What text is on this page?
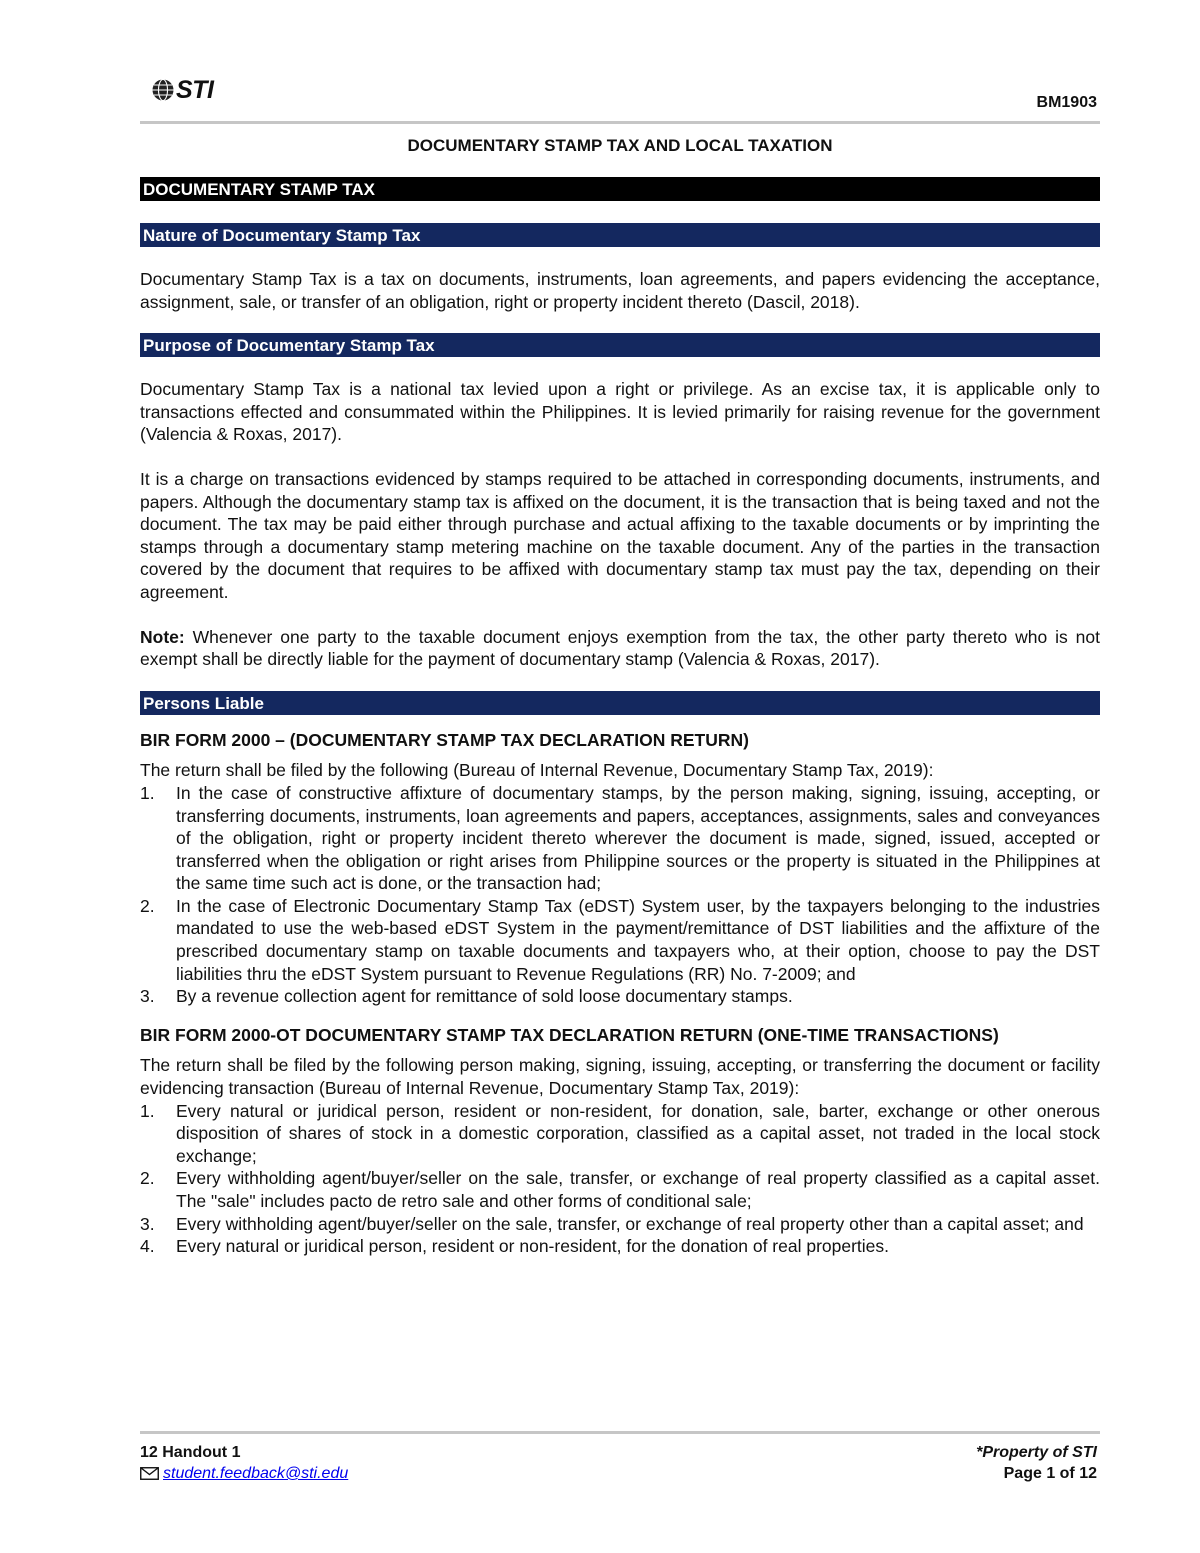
STI	BM1903
DOCUMENTARY STAMP TAX AND LOCAL TAXATION
DOCUMENTARY STAMP TAX
Nature of Documentary Stamp Tax

Documentary Stamp Tax is a tax on documents, instruments, loan agreements, and papers evidencing the acceptance, assignment, sale, or transfer of an obligation, right or property incident thereto (Dascil, 2018).

Purpose of Documentary Stamp Tax

Documentary Stamp Tax is a national tax levied upon a right or privilege. As an excise tax, it is applicable only to transactions effected and consummated within the Philippines. It is levied primarily for raising revenue for the government (Valencia & Roxas, 2017).

It is a charge on transactions evidenced by stamps required to be attached in corresponding documents, instruments, and papers. Although the documentary stamp tax is affixed on the document, it is the transaction that is being taxed and not the document. The tax may be paid either through purchase and actual affixing to the taxable documents or by imprinting the stamps through a documentary stamp metering machine on the taxable document. Any of the parties in the transaction covered by the document that requires to be affixed with documentary stamp tax must pay the tax, depending on their agreement.

Note: Whenever one party to the taxable document enjoys exemption from the tax, the other party thereto who is not exempt shall be directly liable for the payment of documentary stamp (Valencia & Roxas, 2017).

Persons Liable
BIR FORM 2000 – (DOCUMENTARY STAMP TAX DECLARATION RETURN)

The return shall be filed by the following (Bureau of Internal Revenue, Documentary Stamp Tax, 2019):

1. In the case of constructive affixture of documentary stamps, by the person making, signing, issuing, accepting, or transferring documents, instruments, loan agreements and papers, acceptances, assignments, sales and conveyances of the obligation, right or property incident thereto wherever the document is made, signed, issued, accepted or transferred when the obligation or right arises from Philippine sources or the property is situated in the Philippines at the same time such act is done, or the transaction had;
2. In the case of Electronic Documentary Stamp Tax (eDST) System user, by the taxpayers belonging to the industries mandated to use the web-based eDST System in the payment/remittance of DST liabilities and the affixture of the prescribed documentary stamp on taxable documents and taxpayers who, at their option, choose to pay the DST liabilities thru the eDST System pursuant to Revenue Regulations (RR) No. 7-2009; and
3. By a revenue collection agent for remittance of sold loose documentary stamps.
BIR FORM 2000-OT DOCUMENTARY STAMP TAX DECLARATION RETURN (ONE-TIME TRANSACTIONS)

The return shall be filed by the following person making, signing, issuing, accepting, or transferring the document or facility evidencing transaction (Bureau of Internal Revenue, Documentary Stamp Tax, 2019):

1. Every natural or juridical person, resident or non-resident, for donation, sale, barter, exchange or other onerous disposition of shares of stock in a domestic corporation, classified as a capital asset, not traded in the local stock exchange;
2. Every withholding agent/buyer/seller on the sale, transfer, or exchange of real property classified as a capital asset. The "sale" includes pacto de retro sale and other forms of conditional sale;
3. Every withholding agent/buyer/seller on the sale, transfer, or exchange of real property other than a capital asset; and
4. Every natural or juridical person, resident or non-resident, for the donation of real properties.
12 Handout 1
student.feedback@sti.edu
*Property of STI
Page 1 of 12
